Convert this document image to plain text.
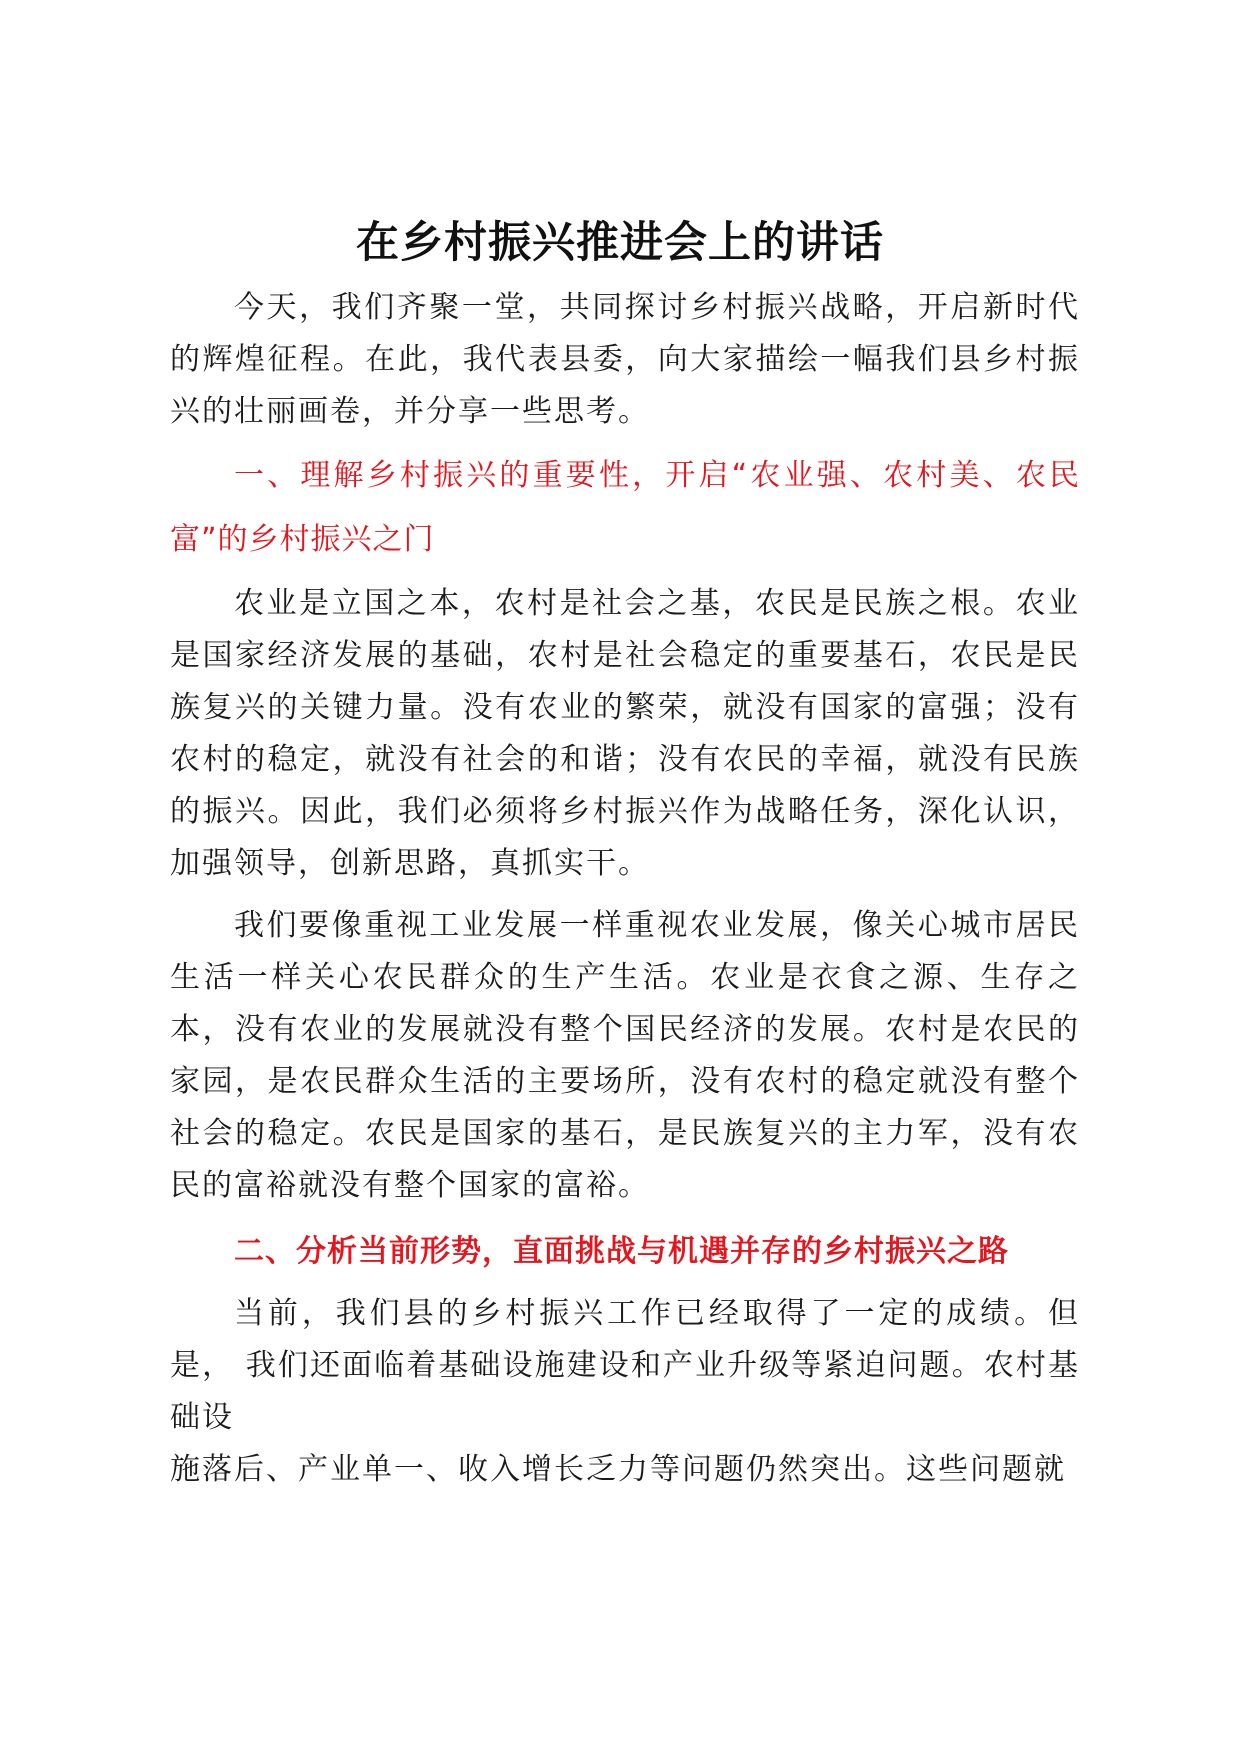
在乡村振兴推进会上的讲话

今天，我们齐聚一堂，共同探讨乡村振兴战略，开启新时代的辉煌征程。在此，我代表县委，向大家描绘一幅我们县乡村振兴的壮丽画卷，并分享一些思考。

一、理解乡村振兴的重要性，开启“农业强、农村美、农民富”的乡村振兴之门

农业是立国之本，农村是社会之基，农民是民族之根。农业是国家经济发展的基础，农村是社会稳定的重要基石，农民是民族复兴的关键力量。没有农业的繁荣，就没有国家的富强；没有农村的稳定，就没有社会的和谐；没有农民的幸福，就没有民族的振兴。因此，我们必须将乡村振兴作为战略任务，深化认识，加强领导，创新思路，真抓实干。

我们要像重视工业发展一样重视农业发展，像关心城市居民生活一样关心农民群众的生产生活。农业是衣食之源、生存之本，没有农业的发展就没有整个国民经济的发展。农村是农民的家园，是农民群众生活的主要场所，没有农村的稳定就没有整个社会的稳定。农民是国家的基石，是民族复兴的主力军，没有农民的富裕就没有整个国家的富裕。

二、分析当前形势，直面挑战与机遇并存的乡村振兴之路

当前，我们县的乡村振兴工作已经取得了一定的成绩。但是， 我们还面临着基础设施建设和产业升级等紧迫问题。农村基础设

施落后、产业单一、收入增长乏力等问题仍然突出。这些问题就
